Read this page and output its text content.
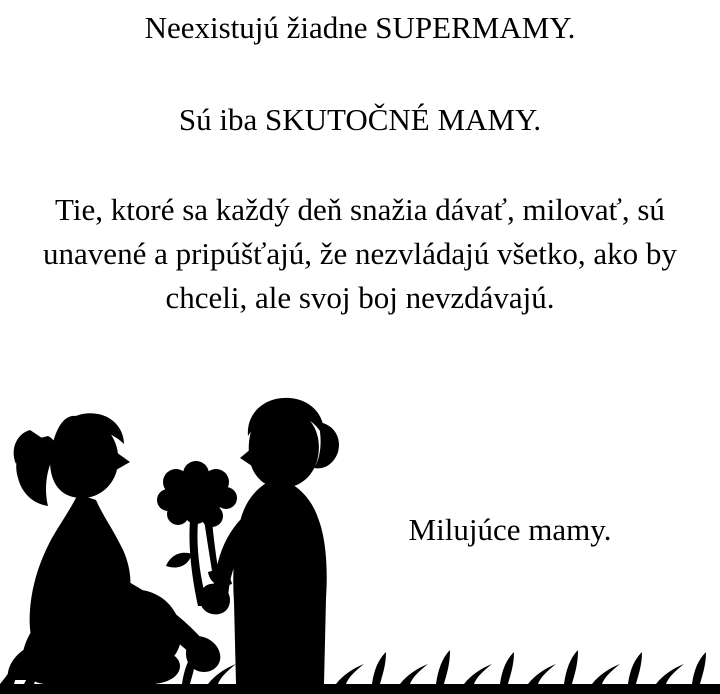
Neexistujú žiadne SUPERMAMY.
Sú iba SKUTOČNÉ MAMY.
Tie, ktoré sa každý deň snažia dávať, milovať, sú unavené a pripúšťajú, že nezvládajú všetko, ako by chceli, ale svoj boj nevzdávajú.
Milujúce mamy.
